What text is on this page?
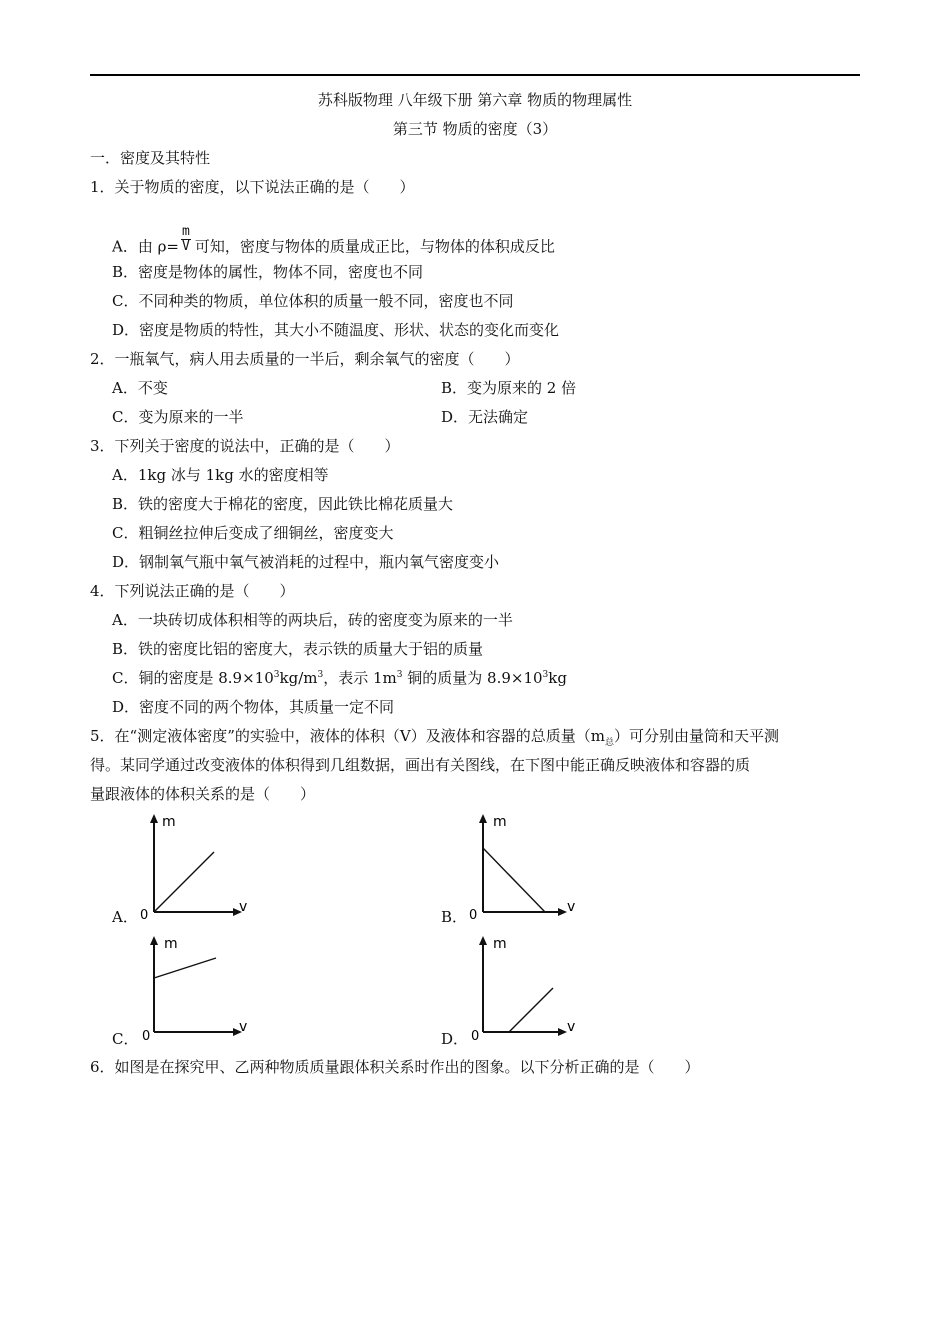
苏科版物理 八年级下册 第六章 物质的物理属性
第三节 物质的密度（3）
一．密度及其特性
1．关于物质的密度，以下说法正确的是（　　）
A．由 $\rho= \frac{m}{V}$ 可知，密度与物体的质量成正比，与物体的体积成反比
B．密度是物体的属性，物体不同，密度也不同
C．不同种类的物质，单位体积的质量一般不同，密度也不同
D．密度是物质的特性，其大小不随温度、形状、状态的变化而变化
2．一瓶氧气，病人用去质量的一半后，剩余氧气的密度（　　）
A．不变	B．变为原来的 2 倍
C．变为原来的一半	D．无法确定
3．下列关于密度的说法中，正确的是（　　）
A．1kg 冰与 1kg 水的密度相等
B．铁的密度大于棉花的密度，因此铁比棉花质量大
C．粗铜丝拉伸后变成了细铜丝，密度变大
D．钢制氧气瓶中氧气被消耗的过程中，瓶内氧气密度变小
4．下列说法正确的是（　　）
A．一块砖切成体积相等的两块后，砖的密度变为原来的一半
B．铁的密度比铝的密度大，表示铁的质量大于铝的质量
C．铜的密度是 $8.9\times 10^3kg/m^3$，表示 $1m^3$ 铜的质量为 $8.9\times 10^3kg$
D．密度不同的两个物体，其质量一定不同
5．在“测定液体密度”的实验中，液体的体积（V）及液体和容器的总质量$(m_总)$可分别由量筒和天平测
得。某同学通过改变液体的体积得到几组数据，画出有关图线，在下图中能正确反映液体和容器的质
量跟液体的体积关系的是（　　）
A．
m
v
0	B．
m
v
0
C．
m
v
0	D．
m
v
0
6．如图是在探究甲、乙两种物质质量跟体积关系时作出的图象。以下分析正确的是（　　）
